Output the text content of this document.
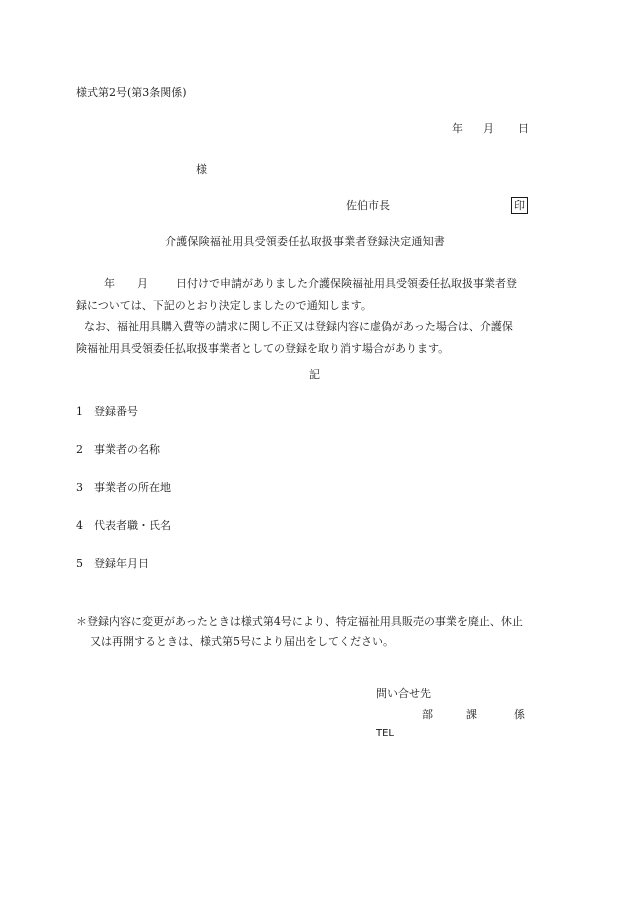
様式第2号(第3条関係)
年 月 日
様
佐伯市長	印
介護保険福祉用具受領委任払取扱事業者登録決定通知書

年 月	日付けで申請がありました介護保険福祉用具受領委任払取扱事業者登
録については、下記のとおり決定しましたので通知します。

なお、福祉用具購入費等の請求に関し不正又は登録内容に虚偽があった場合は、介護保
険福祉用具受領委任払取扱事業者としての登録を取り消す場合があります。

記
1 登録番号
2 事業者の名称
3 事業者の所在地
4 代表者職・氏名
5 登録年月日
＊登録内容に変更があったときは様式第4号により、特定福祉用具販売の事業を廃止、休止
又は再開するときは、様式第5号により届出をしてください。
問い合せ先
部	課	係
TEL
